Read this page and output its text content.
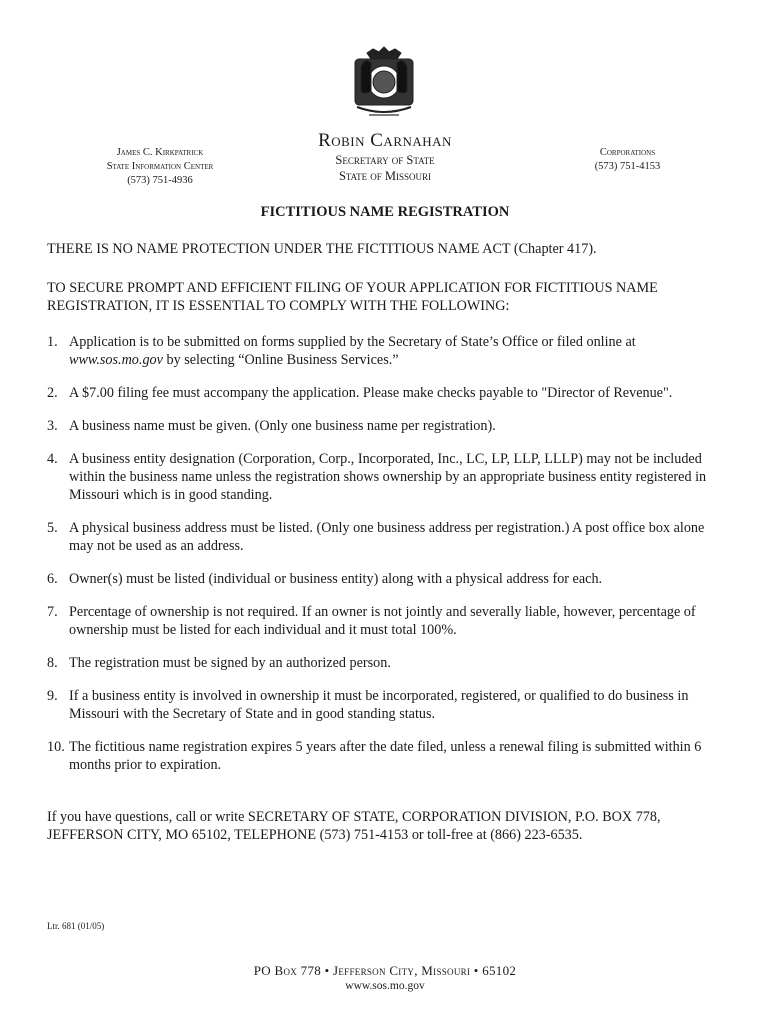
James C. Kirkpatrick
State Information Center
(573) 751-4936
Robin Carnahan
Secretary of State
State of Missouri
Corporations
(573) 751-4153
FICTITIOUS NAME REGISTRATION
THERE IS NO NAME PROTECTION UNDER THE FICTITIOUS NAME ACT (Chapter 417).
TO SECURE PROMPT AND EFFICIENT FILING OF YOUR APPLICATION FOR FICTITIOUS NAME REGISTRATION, IT IS ESSENTIAL TO COMPLY WITH THE FOLLOWING:
1. Application is to be submitted on forms supplied by the Secretary of State’s Office or filed online at www.sos.mo.gov by selecting “Online Business Services.”
2. A $7.00 filing fee must accompany the application. Please make checks payable to "Director of Revenue".
3. A business name must be given. (Only one business name per registration).
4. A business entity designation (Corporation, Corp., Incorporated, Inc., LC, LP, LLP, LLLP) may not be included within the business name unless the registration shows ownership by an appropriate business entity registered in Missouri which is in good standing.
5. A physical business address must be listed. (Only one business address per registration.) A post office box alone may not be used as an address.
6. Owner(s) must be listed (individual or business entity) along with a physical address for each.
7. Percentage of ownership is not required. If an owner is not jointly and severally liable, however, percentage of ownership must be listed for each individual and it must total 100%.
8. The registration must be signed by an authorized person.
9. If a business entity is involved in ownership it must be incorporated, registered, or qualified to do business in Missouri with the Secretary of State and in good standing status.
10. The fictitious name registration expires 5 years after the date filed, unless a renewal filing is submitted within 6 months prior to expiration.
If you have questions, call or write SECRETARY OF STATE, CORPORATION DIVISION, P.O. BOX 778, JEFFERSON CITY, MO 65102, TELEPHONE (573) 751-4153 or toll-free at (866) 223-6535.
Ltr. 681 (01/05)
PO Box 778 • Jefferson City, Missouri • 65102
www.sos.mo.gov
